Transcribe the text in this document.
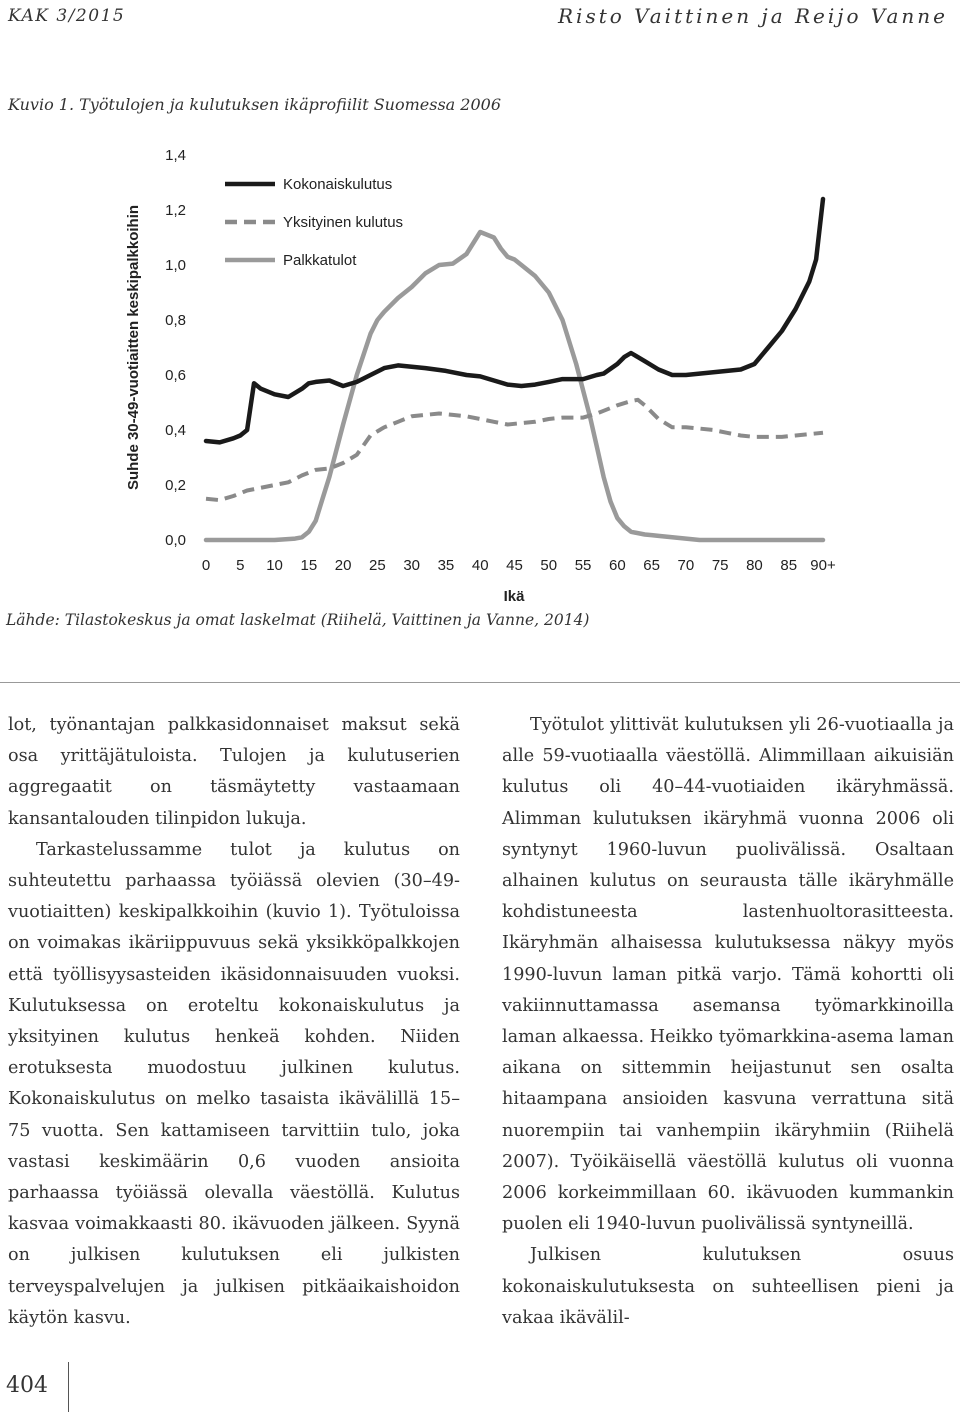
KAK 3/2015	Risto Vaittinen ja Reijo Vanne
Kuvio 1. Työtulojen ja kulutuksen ikäprofiilit Suomessa 2006
Kokonaiskulutus
Yksityinen kulutus
Palkkatulot
0,0
0,2
0,4
0,6
0,8
1,0
1,2
1,4
0 5 10 15 20 25 30 35 40 45 50 55 60 65 70 75 80 85 90+
Ikä
Suhde 30-49-vuotiaitten keskipalkkoihin
Lähde: Tilastokeskus ja omat laskelmat (Riihelä, Vaittinen ja Vanne, 2014)

lot, työnantajan palkkasidonnaiset maksut sekä osa yrittäjätuloista. Tulojen ja kulutuserien aggregaatit on täsmäytetty vastaamaan kansantalouden tilinpidon lukuja.

Tarkastelussamme tulot ja kulutus on suhteutettu parhaassa työiässä olevien (30–49-vuotiaitten) keskipalkkoihin (kuvio 1). Työtuloissa on voimakas ikäriippuvuus sekä yksikköpalkkojen että työllisyysasteiden ikäsidonnaisuuden vuoksi. Kulutuksessa on eroteltu kokonaiskulutus ja yksityinen kulutus henkeä kohden. Niiden erotuksesta muodostuu julkinen kulutus. Kokonaiskulutus on melko tasaista ikävälillä 15–75 vuotta. Sen kattamiseen tarvittiin tulo, joka vastasi keskimäärin 0,6 vuoden ansioita parhaassa työiässä olevalla väestöllä. Kulutus kasvaa voimakkaasti 80. ikävuoden jälkeen. Syynä on julkisen kulutuksen eli julkisten terveyspalvelujen ja julkisen pitkäaikaishoidon käytön kasvu.

Työtulot ylittivät kulutuksen yli 26-vuotiaalla ja alle 59-vuotiaalla väestöllä. Alimmillaan aikuisiän kulutus oli 40–44-vuotiaiden ikäryhmässä. Alimman kulutuksen ikäryhmä vuonna 2006 oli syntynyt 1960-luvun puolivälissä. Osaltaan alhainen kulutus on seurausta tälle ikäryhmälle kohdistuneesta lastenhuoltorasitteesta. Ikäryhmän alhaisessa kulutuksessa näkyy myös 1990-luvun laman pitkä varjo. Tämä kohortti oli vakiinnuttamassa asemansa työmarkkinoilla laman alkaessa. Heikko työmarkkina-asema laman aikana on sittemmin heijastunut sen osalta hitaampana ansioiden kasvuna verrattuna sitä nuorempiin tai vanhempiin ikäryhmiin (Riihelä 2007). Työikäisellä väestöllä kulutus oli vuonna 2006 korkeimmillaan 60. ikävuoden kummankin puolen eli 1940-luvun puolivälissä syntyneillä.

Julkisen kulutuksen osuus kokonaiskulutuksesta on suhteellisen pieni ja vakaa ikävälil-

404
